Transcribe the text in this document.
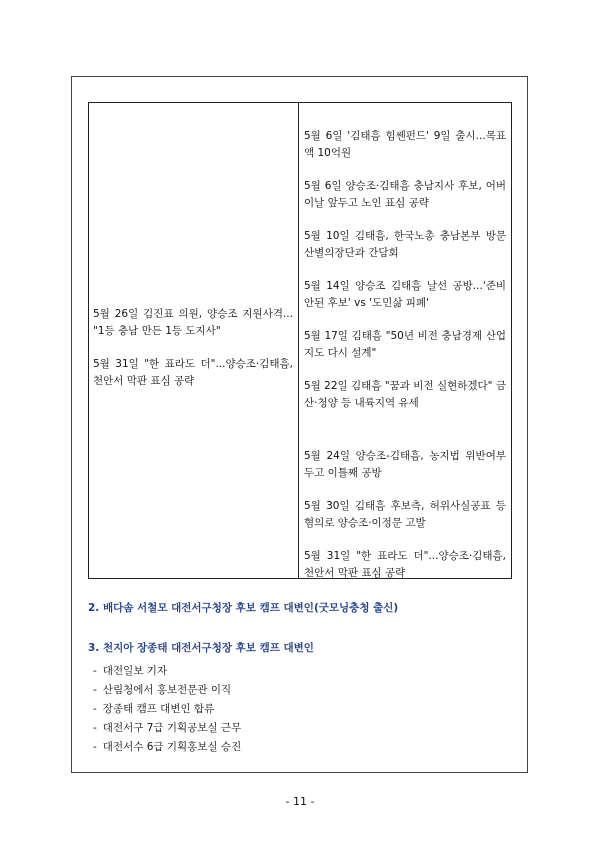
5월 26일 김진표 의원, 양승조 지원사격... "1등 충남 만든 1등 도지사"

5월 31일 "한 표라도 더"...양승조·김태흠, 천안서 막판 표심 공략

5월 6일 '김태흠 힘쎈펀드' 9일 출시...목표액 10억원

5월 6일 양승조·김태흠 충남지사 후보, 어버이날 앞두고 노인 표심 공략

5월 10일 김태흠, 한국노총 충남본부 방문 산별의장단과 간담회

5월 14일 양승조 김태흠 날선 공방...'준비 안된 후보' vs '도민삶 피폐'

5월 17일 김태흠 "50년 비전 충남경제 산업지도 다시 설계"

5월 22일 김태흠 "꿈과 비전 실현하겠다" 금산·청양 등 내륙지역 유세

5월 24일 양승조-김태흠, 농지법 위반여부 두고 이틀째 공방

5월 30일 김태흠 후보측, 허위사실공표 등 혐의로 양승조·이정문 고발

5월 31일 "한 표라도 더"...양승조·김태흠, 천안서 막판 표심 공략

2. 배다솜 서철모 대전서구청장 후보 캠프 대변인(굿모닝충청 출신)
3. 천지아 장종태 대전서구청장 후보 캠프 대변인
- 대전일보 기자
- 산림청에서 홍보전문관 이직
- 장종태 캠프 대변인 합류
- 대전서구 7급 기획공보실 근무
- 대전서수 6급 기획홍보실 승진
- 11 -
